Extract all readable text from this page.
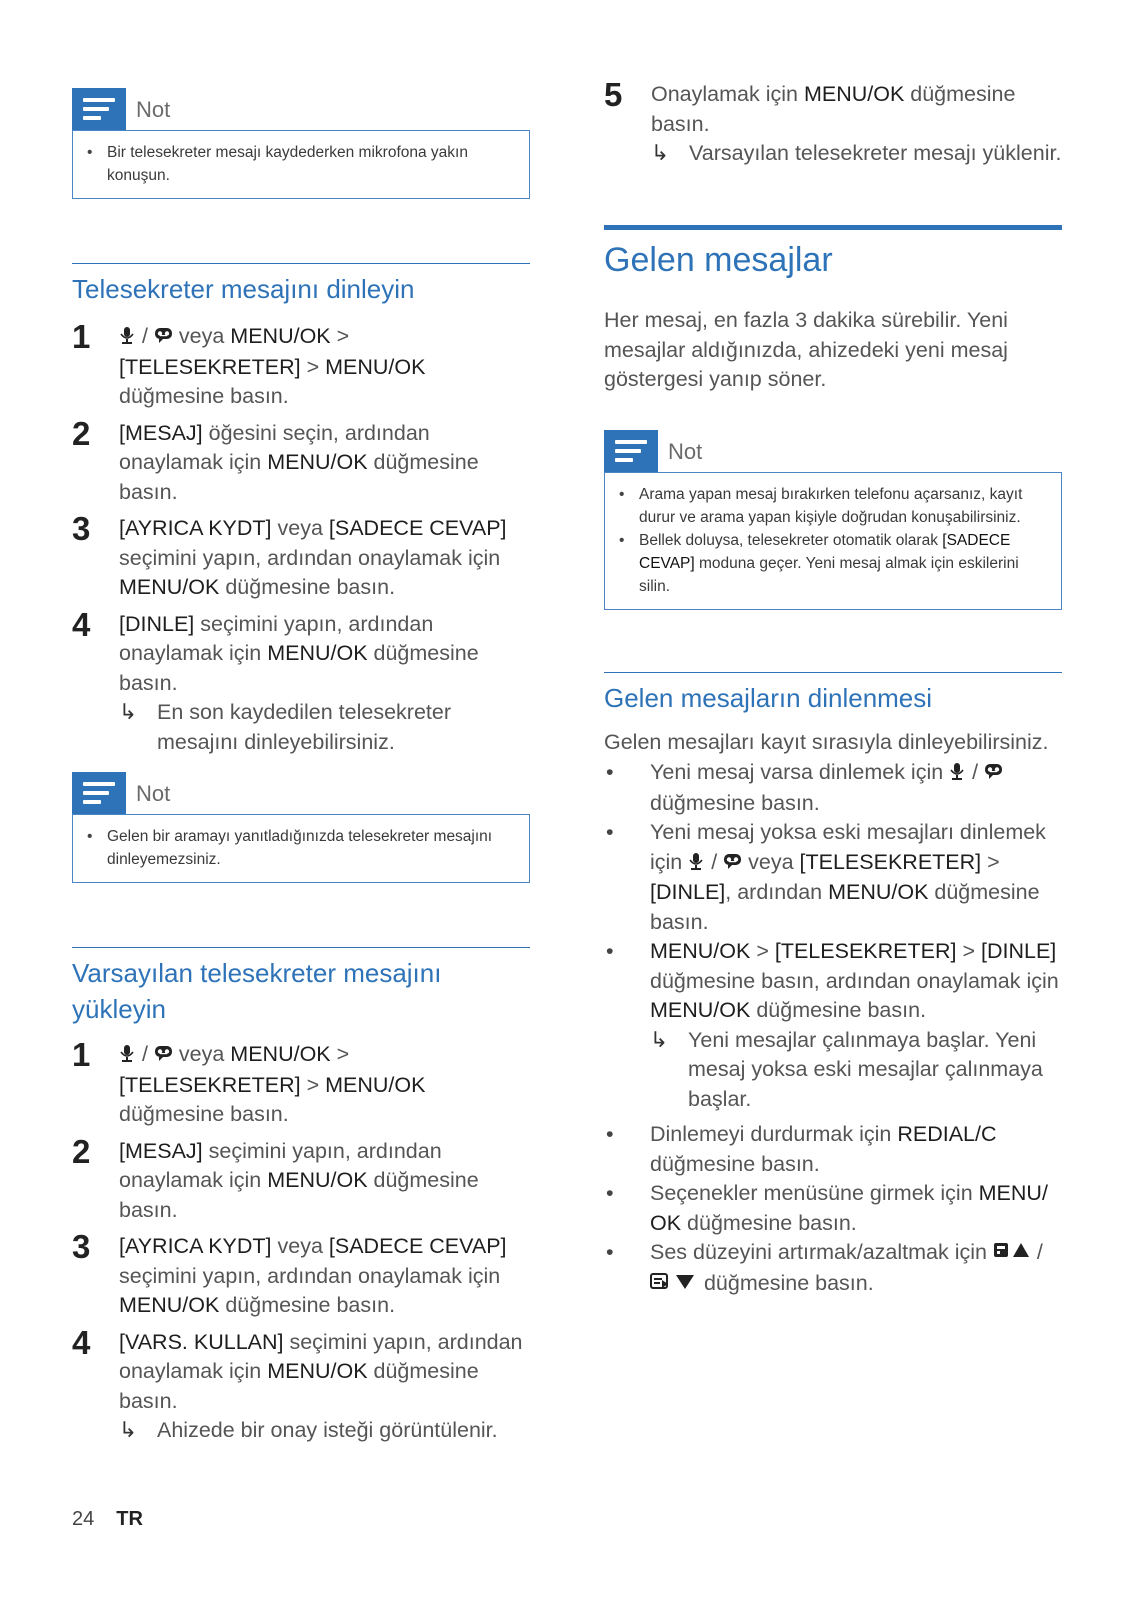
Not
• Bir telesekreter mesajı kaydederken mikrofona yakın konuşun.
Telesekreter mesajını dinleyin
1 /  veya MENU/OK > [TELESEKRETER] > MENU/OK düğmesine basın.
2 [MESAJ] öğesini seçin, ardından onaylamak için MENU/OK düğmesine basın.
3 [AYRICA KYDT] veya [SADECE CEVAP] seçimini yapın, ardından onaylamak için MENU/OK düğmesine basın.
4 [DINLE] seçimini yapın, ardından onaylamak için MENU/OK düğmesine basın.
↳ En son kaydedilen telesekreter mesajını dinleyebilirsiniz.
Not
• Gelen bir aramayı yanıtladığınızda telesekreter mesajını dinleyemezsiniz.
Varsayılan telesekreter mesajını yükleyin
1 /  veya MENU/OK > [TELESEKRETER] > MENU/OK düğmesine basın.
2 [MESAJ] seçimini yapın, ardından onaylamak için MENU/OK düğmesine basın.
3 [AYRICA KYDT] veya [SADECE CEVAP] seçimini yapın, ardından onaylamak için MENU/OK düğmesine basın.
4 [VARS. KULLAN] seçimini yapın, ardından onaylamak için MENU/OK düğmesine basın.
↳ Ahizede bir onay isteği görüntülenir.
5 Onaylamak için MENU/OK düğmesine basın.
↳ Varsayılan telesekreter mesajı yüklenir.
Gelen mesajlar
Her mesaj, en fazla 3 dakika sürebilir. Yeni mesajlar aldığınızda, ahizedeki yeni mesaj göstergesi yanıp söner.
Not
• Arama yapan mesaj bırakırken telefonu açarsanız, kayıt durur ve arama yapan kişiyle doğrudan konuşabilirsiniz.
• Bellek doluysa, telesekreter otomatik olarak [SADECE CEVAP] moduna geçer. Yeni mesaj almak için eskilerini silin.
Gelen mesajların dinlenmesi
Gelen mesajları kayıt sırasıyla dinleyebilirsiniz.
• Yeni mesaj varsa dinlemek için  /  düğmesine basın.
• Yeni mesaj yoksa eski mesajları dinlemek için  /  veya [TELESEKRETER] > [DINLE], ardından MENU/OK düğmesine basın.
• MENU/OK > [TELESEKRETER] > [DINLE] düğmesine basın, ardından onaylamak için MENU/OK düğmesine basın.
↳ Yeni mesajlar çalınmaya başlar. Yeni mesaj yoksa eski mesajlar çalınmaya başlar.
• Dinlemeyi durdurmak için REDIAL/C düğmesine basın.
• Seçenekler menüsüne girmek için MENU/ OK düğmesine basın.
• Ses düzeyini artırmak/azaltmak için  /  düğmesine basın.
24 TR
